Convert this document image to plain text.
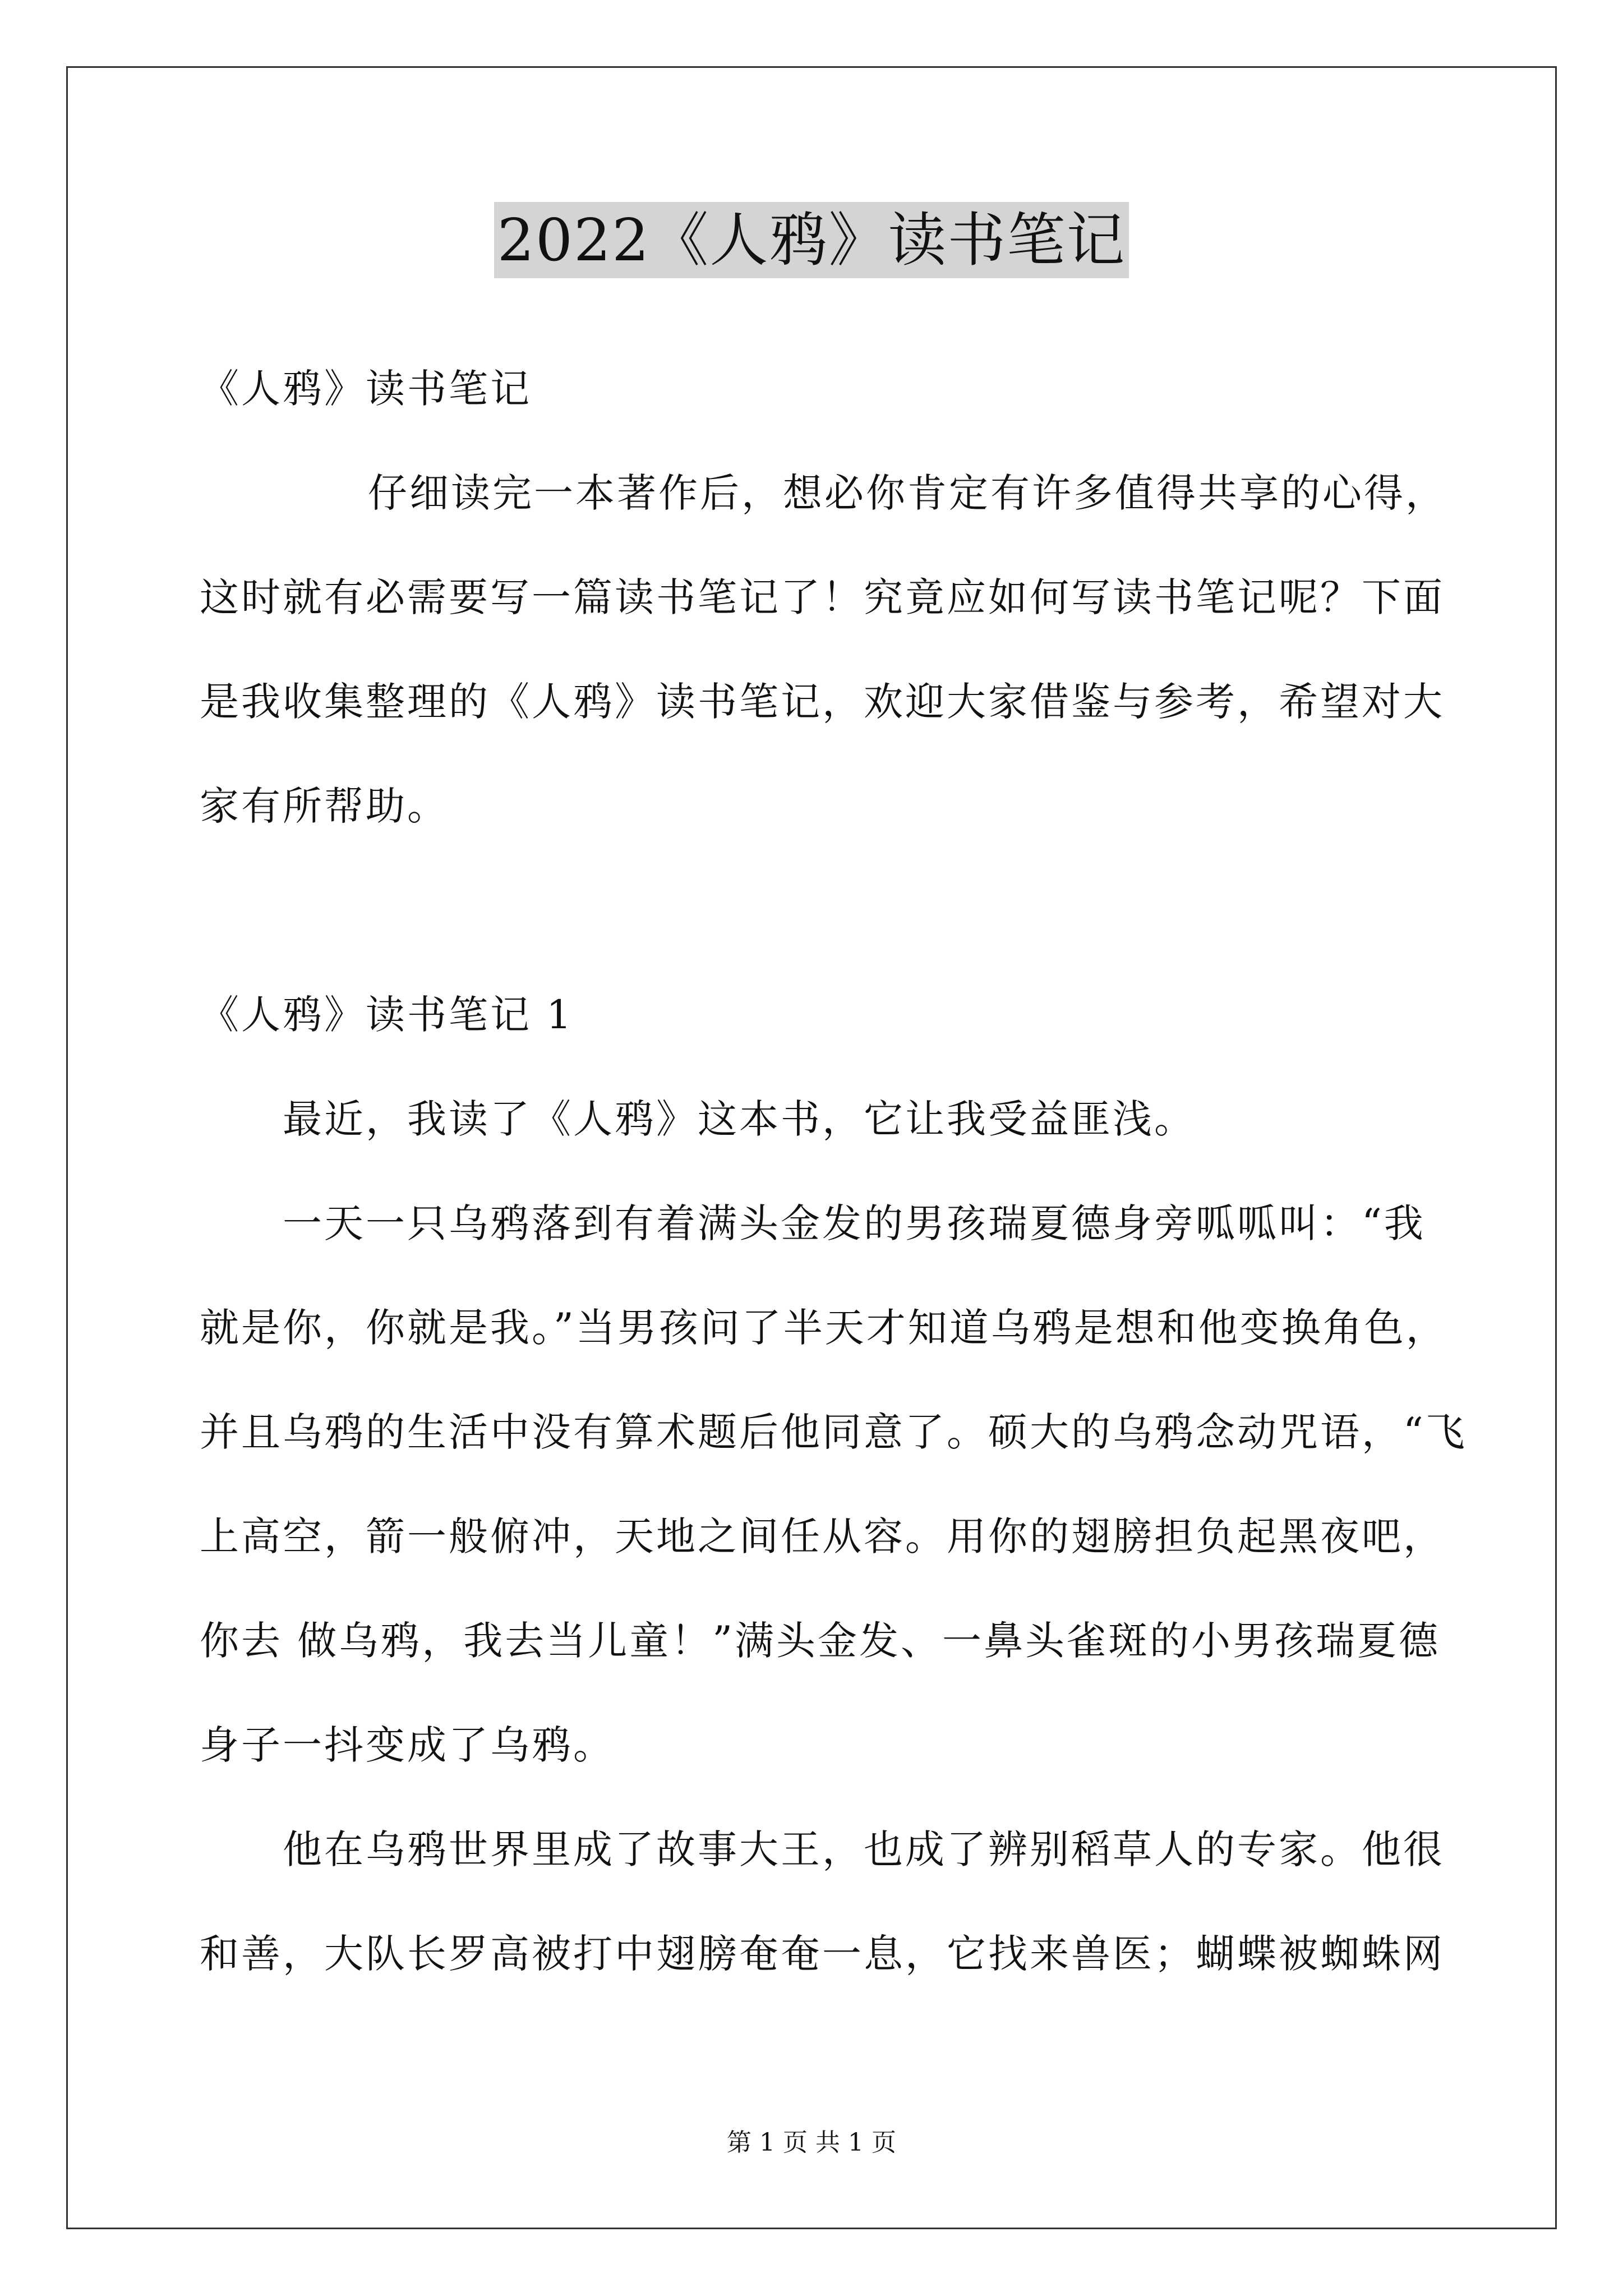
2022《人鸦》读书笔记
《人鸦》读书笔记
仔细读完一本著作后，想必你肯定有许多值得共享的心得，
这时就有必需要写一篇读书笔记了！究竟应如何写读书笔记呢？下面
是我收集整理的《人鸦》读书笔记，欢迎大家借鉴与参考，希望对大
家有所帮助。
《人鸦》读书笔记 1
最近，我读了《人鸦》这本书，它让我受益匪浅。
一天一只乌鸦落到有着满头金发的男孩瑞夏德身旁呱呱叫：“我
就是你，你就是我。”当男孩问了半天才知道乌鸦是想和他变换角色，
并且乌鸦的生活中没有算术题后他同意了。硕大的乌鸦念动咒语，“飞
上高空，箭一般俯冲，天地之间任从容。用你的翅膀担负起黑夜吧，
你去 做乌鸦，我去当儿童！”满头金发、一鼻头雀斑的小男孩瑞夏德
身子一抖变成了乌鸦。
他在乌鸦世界里成了故事大王，也成了辨别稻草人的专家。他很
和善，大队长罗高被打中翅膀奄奄一息，它找来兽医；蝴蝶被蜘蛛网
第 1 页 共 1 页
